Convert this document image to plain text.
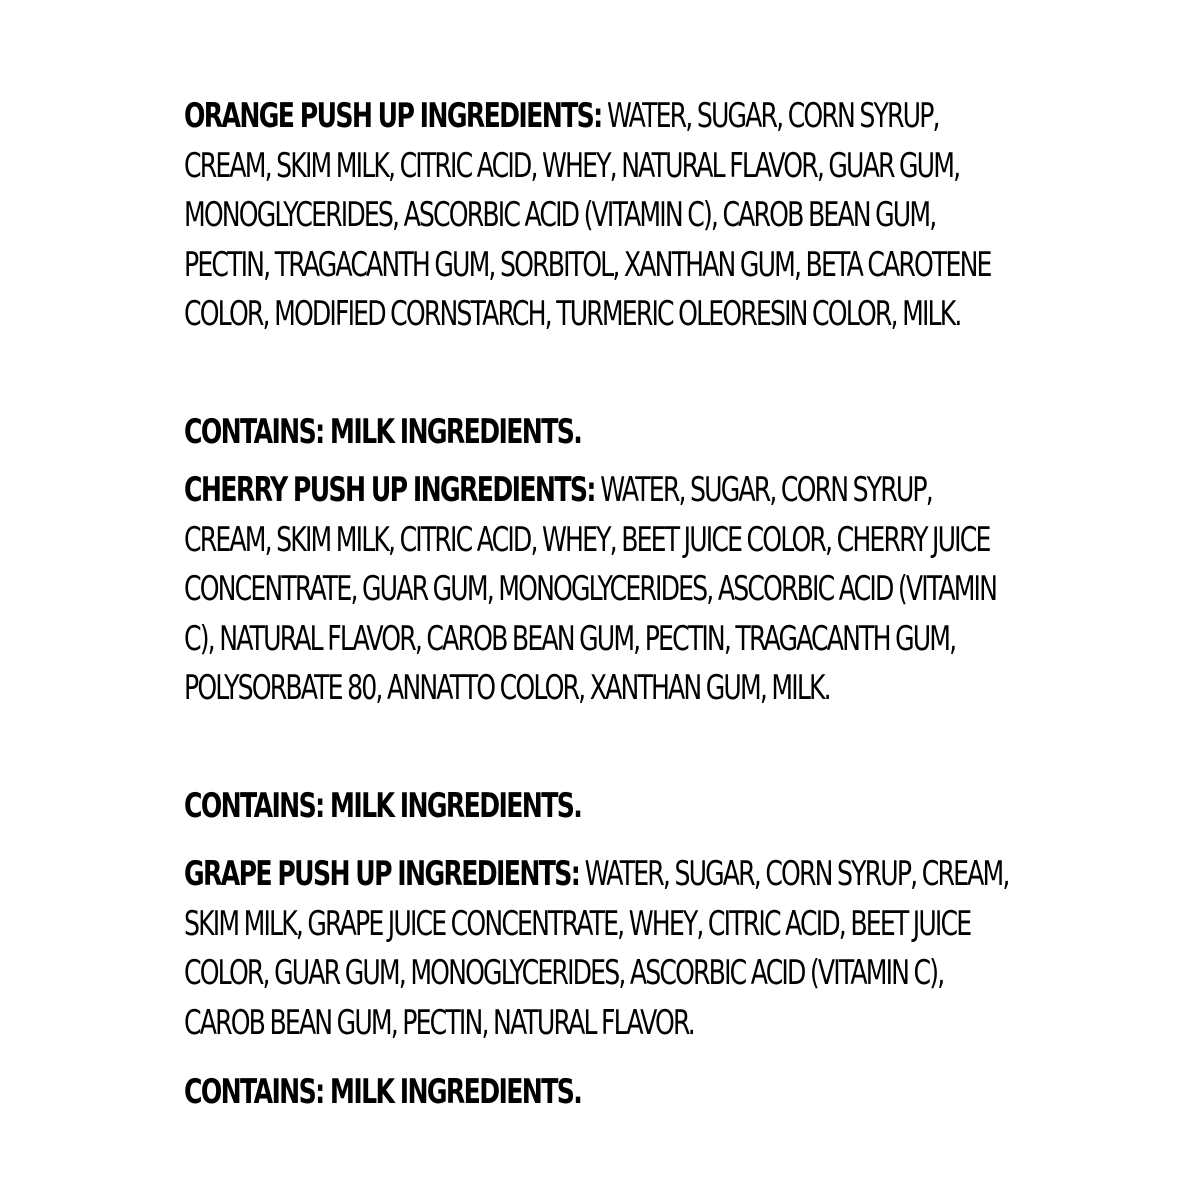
ORANGE PUSH UP INGREDIENTS: WATER, SUGAR, CORN SYRUP, CREAM, SKIM MILK, CITRIC ACID, WHEY, NATURAL FLAVOR, GUAR GUM, MONOGLYCERIDES, ASCORBIC ACID (VITAMIN C), CAROB BEAN GUM, PECTIN, TRAGACANTH GUM, SORBITOL, XANTHAN GUM, BETA CAROTENE COLOR, MODIFIED CORNSTARCH, TURMERIC OLEORESIN COLOR, MILK.

CONTAINS: MILK INGREDIENTS.

CHERRY PUSH UP INGREDIENTS: WATER, SUGAR, CORN SYRUP, CREAM, SKIM MILK, CITRIC ACID, WHEY, BEET JUICE COLOR, CHERRY JUICE CONCENTRATE, GUAR GUM, MONOGLYCERIDES, ASCORBIC ACID (VITAMIN C), NATURAL FLAVOR, CAROB BEAN GUM, PECTIN, TRAGACANTH GUM, POLYSORBATE 80, ANNATTO COLOR, XANTHAN GUM, MILK.

CONTAINS: MILK INGREDIENTS.

GRAPE PUSH UP INGREDIENTS: WATER, SUGAR, CORN SYRUP, CREAM, SKIM MILK, GRAPE JUICE CONCENTRATE, WHEY, CITRIC ACID, BEET JUICE COLOR, GUAR GUM, MONOGLYCERIDES, ASCORBIC ACID (VITAMIN C), CAROB BEAN GUM, PECTIN, NATURAL FLAVOR.

CONTAINS: MILK INGREDIENTS.
